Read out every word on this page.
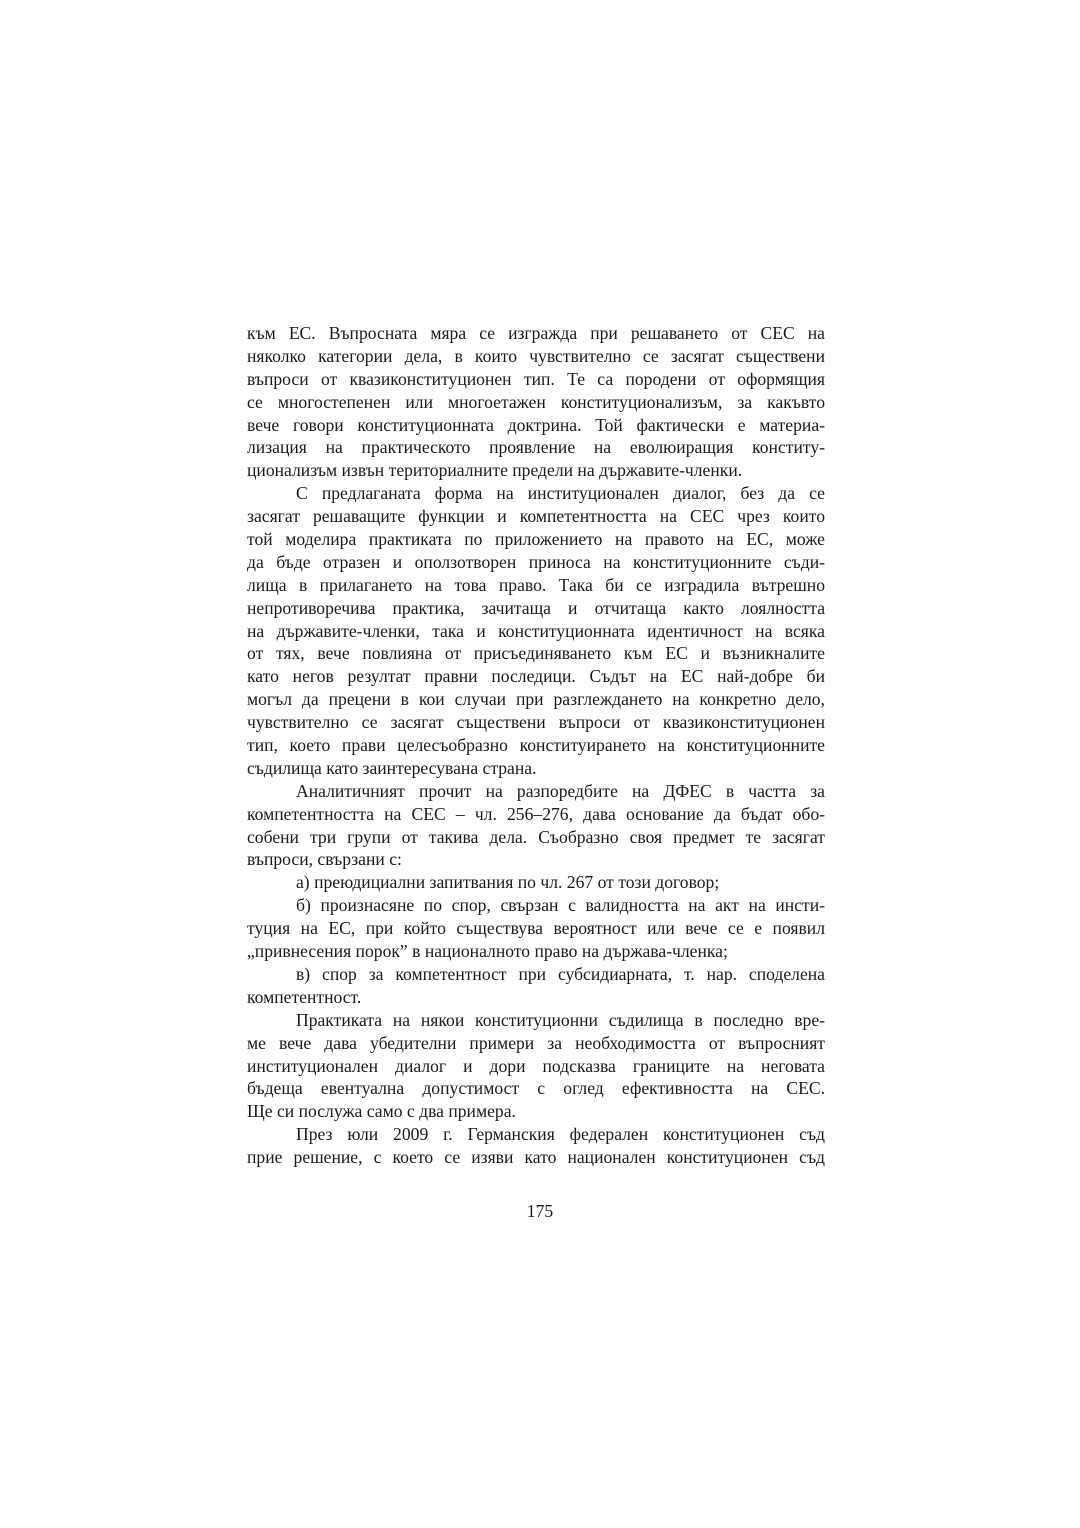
към ЕС. Въпросната мяра се изгражда при решаването от СЕС на
няколко категории дела, в които чувствително се засягат съществени
въпроси от квазиконституционен тип. Те са породени от оформящия
се многостепенен или многоетажен конституционализъм, за какъвто
вече говори конституционната доктрина. Той фактически е материа-
лизация на практическото проявление на еволюиращия конститу-
ционализъм извън териториалните предели на държавите-членки.
С предлаганата форма на институционален диалог, без да се
засягат решаващите функции и компетентността на СЕС чрез които
той моделира практиката по приложението на правото на ЕС, може
да бъде отразен и оползотворен приноса на конституционните съди-
лища в прилагането на това право. Така би се изградила вътрешно
непротиворечива практика, зачитаща и отчитаща както лоялността
на държавите-членки, така и конституционната идентичност на всяка
от тях, вече повлияна от присъединяването към ЕС и възникналите
като негов резултат правни последици. Съдът на ЕС най-добре би
могъл да прецени в кои случаи при разглеждането на конкретно дело,
чувствително се засягат съществени въпроси от квазиконституционен
тип, което прави целесъобразно конституирането на конституционните
съдилища като заинтересувана страна.
Аналитичният прочит на разпоредбите на ДФЕС в частта за
компетентността на СЕС – чл. 256–276, дава основание да бъдат обо-
собени три групи от такива дела. Съобразно своя предмет те засягат
въпроси, свързани с:
а) преюдициални запитвания по чл. 267 от този договор;
б) произнасяне по спор, свързан с валидността на акт на инсти-
туция на ЕС, при който съществува вероятност или вече се е появил
„привнесения порок” в националното право на държава-членка;
в) спор за компетентност при субсидиарната, т. нар. споделена
компетентност.
Практиката на някои конституционни съдилища в последно вре-
ме вече дава убедителни примери за необходимостта от въпросният
институционален диалог и дори подсказва границите на неговата
бъдеща евентуална допустимост с оглед ефективността на СЕС.
Ще си послужа само с два примера.
През юли 2009 г. Германския федерален конституционен съд
прие решение, с което се изяви като национален конституционен съд
175
